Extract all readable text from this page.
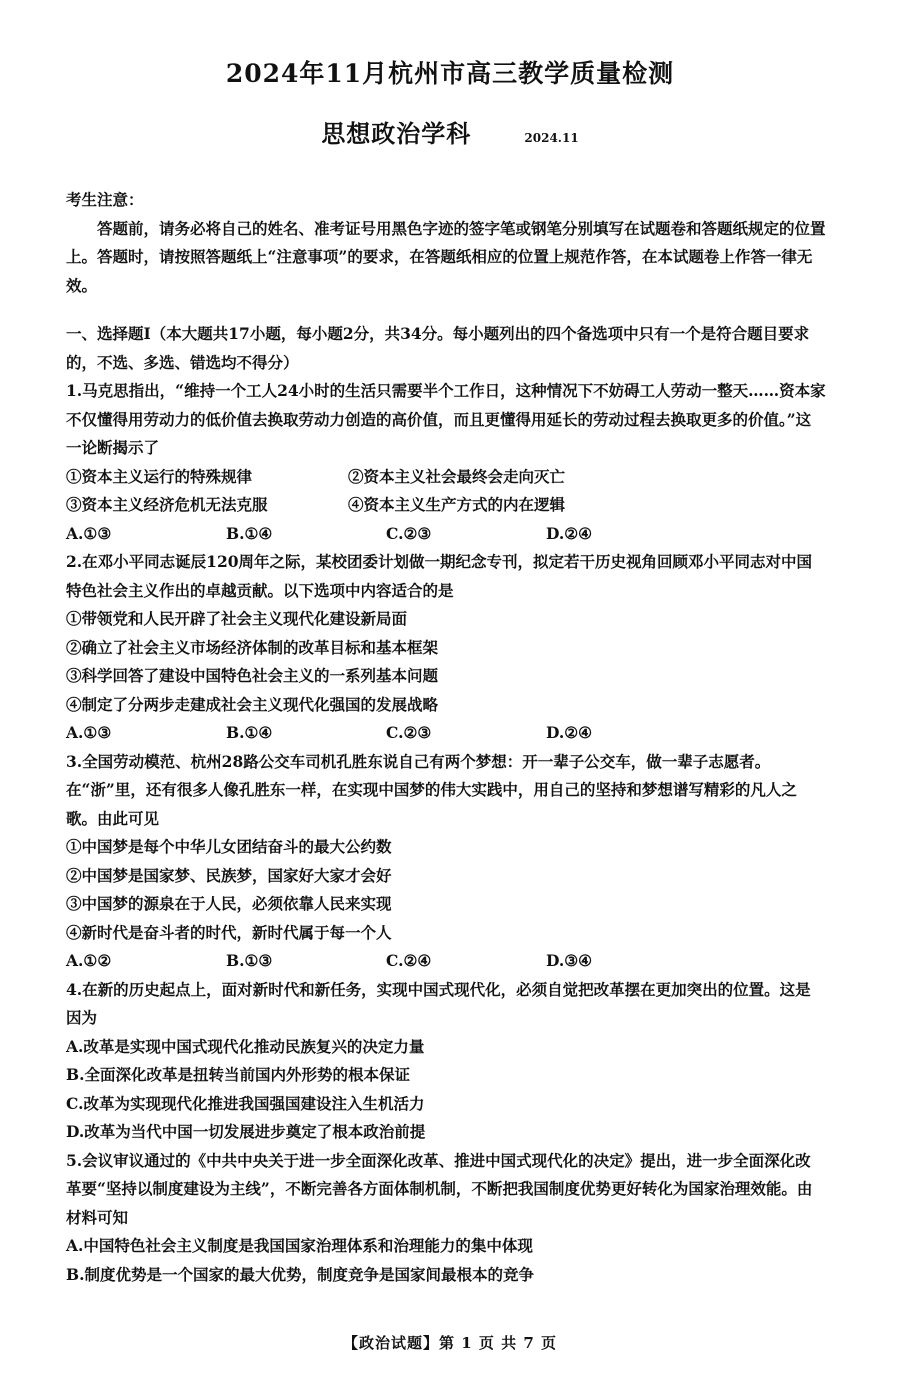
2024年11月杭州市高三教学质量检测
思想政治学科	2024.11

考生注意：

答题前，请务必将自己的姓名、准考证号用黑色字迹的签字笔或钢笔分别填写在试题卷和答题纸规定的位置上。答题时，请按照答题纸上“注意事项”的要求，在答题纸相应的位置上规范作答，在本试题卷上作答一律无效。

一、选择题Ⅰ（本大题共17小题，每小题2分，共34分。每小题列出的四个备选项中只有一个是符合题目要求的，不选、多选、错选均不得分）

1.马克思指出，“维持一个工人24小时的生活只需要半个工作日，这种情况下不妨碍工人劳动一整天……资本家不仅懂得用劳动力的低价值去换取劳动力创造的高价值，而且更懂得用延长的劳动过程去换取更多的价值。”这一论断揭示了

①资本主义运行的特殊规律	②资本主义社会最终会走向灭亡
③资本主义经济危机无法克服	④资本主义生产方式的内在逻辑
A.①③	B.①④	C.②③	D.②④

2.在邓小平同志诞辰120周年之际，某校团委计划做一期纪念专刊，拟定若干历史视角回顾邓小平同志对中国特色社会主义作出的卓越贡献。以下选项中内容适合的是

①带领党和人民开辟了社会主义现代化建设新局面

②确立了社会主义市场经济体制的改革目标和基本框架

③科学回答了建设中国特色社会主义的一系列基本问题

④制定了分两步走建成社会主义现代化强国的发展战略

A.①③	B.①④	C.②③	D.②④

3.全国劳动模范、杭州28路公交车司机孔胜东说自己有两个梦想：开一辈子公交车，做一辈子志愿者。在“浙”里，还有很多人像孔胜东一样，在实现中国梦的伟大实践中，用自己的坚持和梦想谱写精彩的凡人之歌。由此可见

①中国梦是每个中华儿女团结奋斗的最大公约数

②中国梦是国家梦、民族梦，国家好大家才会好

③中国梦的源泉在于人民，必须依靠人民来实现

④新时代是奋斗者的时代，新时代属于每一个人

A.①②	B.①③	C.②④	D.③④

4.在新的历史起点上，面对新时代和新任务，实现中国式现代化，必须自觉把改革摆在更加突出的位置。这是因为

A.改革是实现中国式现代化推动民族复兴的决定力量

B.全面深化改革是扭转当前国内外形势的根本保证

C.改革为实现现代化推进我国强国建设注入生机活力

D.改革为当代中国一切发展进步奠定了根本政治前提

5.会议审议通过的《中共中央关于进一步全面深化改革、推进中国式现代化的决定》提出，进一步全面深化改革要“坚持以制度建设为主线”，不断完善各方面体制机制，不断把我国制度优势更好转化为国家治理效能。由材料可知

A.中国特色社会主义制度是我国国家治理体系和治理能力的集中体现

B.制度优势是一个国家的最大优势，制度竞争是国家间最根本的竞争

【政治试题】第 1 页 共 7 页
